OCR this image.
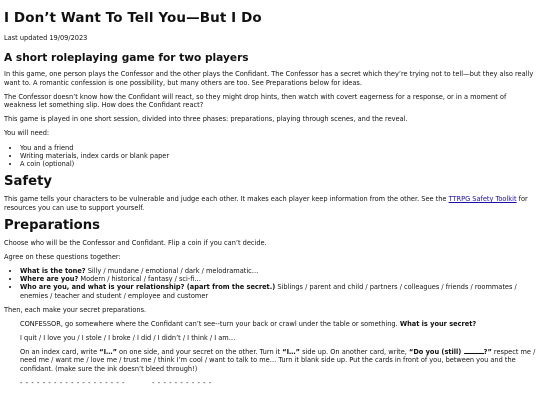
I Don’t Want To Tell You—But I Do
Last updated 19/09/2023
A short roleplaying game for two players

In this game, one person plays the Confessor and the other plays the Confidant. The Confessor has a secret which they’re trying not to tell—but they also really want to. A romantic confession is one possibility, but many others are too. See Preparations below for ideas.

The Confessor doesn’t know how the Confidant will react, so they might drop hints, then watch with covert eagerness for a response, or in a moment of weakness let something slip. How does the Confidant react?

This game is played in one short session, divided into three phases: preparations, playing through scenes, and the reveal.

You will need:

• You and a friend
• Writing materials, index cards or blank paper
• A coin (optional)
Safety

This game tells your characters to be vulnerable and judge each other. It makes each player keep information from the other. See the TTRPG Safety Toolkit for resources you can use to support yourself.

Preparations

Choose who will be the Confessor and Confidant. Flip a coin if you can’t decide.

Agree on these questions together:

• What is the tone? Silly / mundane / emotional / dark / melodramatic…
• Where are you? Modern / historical / fantasy / sci-fi…
• Who are you, and what is your relationship? (apart from the secret.) Siblings / parent and child / partners / colleagues / friends / roommates / enemies / teacher and student / employee and customer

Then, each make your secret preparations.

CONFESSOR, go somewhere where the Confidant can’t see--turn your back or crawl under the table or something. What is your secret?

I quit / I love you / I stole / I broke / I did / I didn’t / I think / I am…

On an index card, write “I…” on one side, and your secret on the other. Turn it “I…” side up. On another card, write, “Do you (still)	?” respect me / need me / want me / love me / trust me / think I’m cool / want to talk to me… Turn it blank side up. Put the cards in front of you, between you and the confidant. (make sure the ink doesn’t bleed through!)

- - - - - - - - - - - - - - - - - - -          - - - - - - - - - - -
